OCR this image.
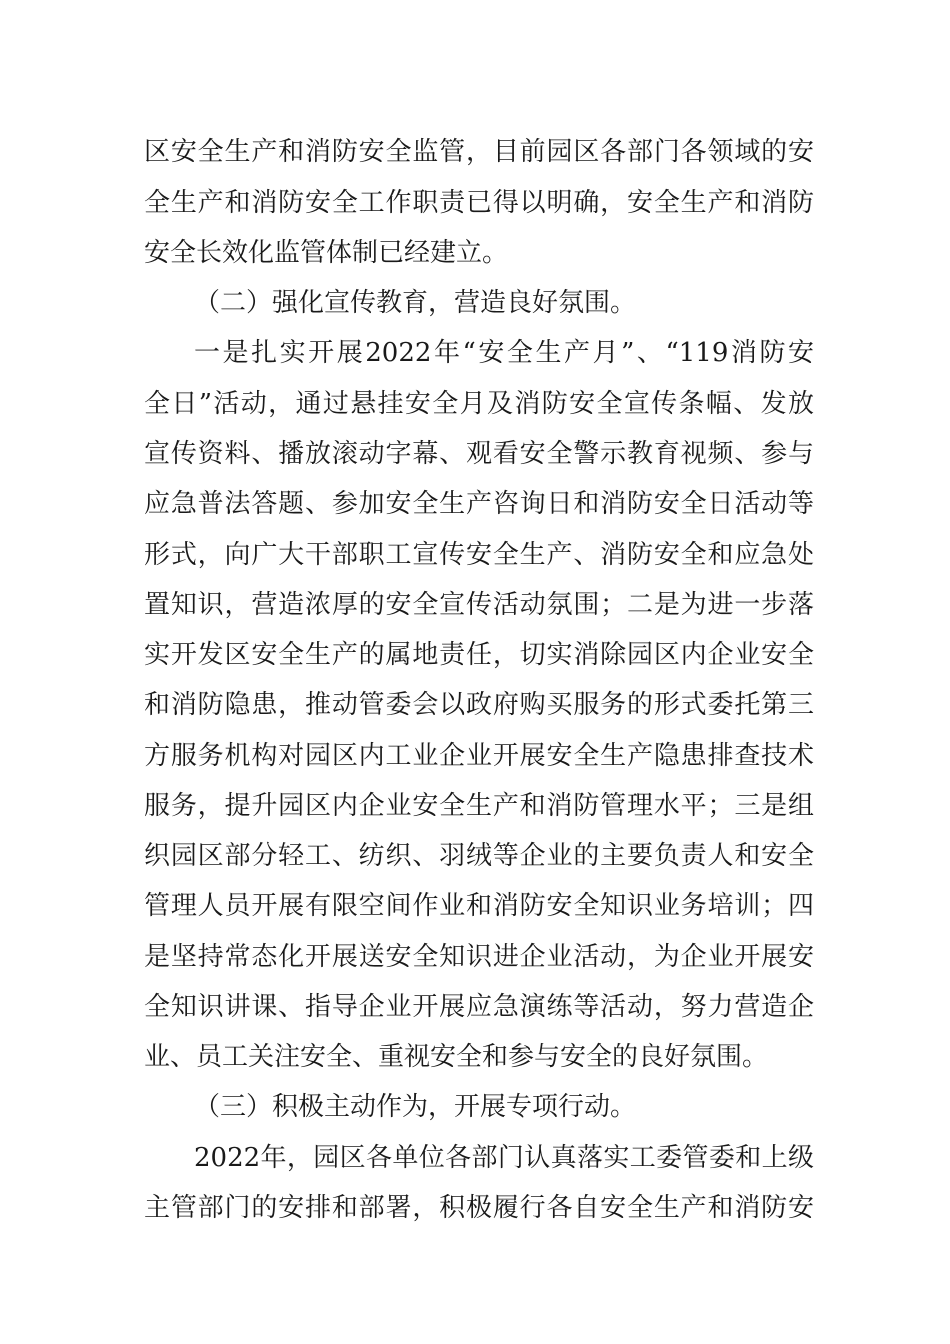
区安全生产和消防安全监管，目前园区各部门各领域的安
全生产和消防安全工作职责已得以明确，安全生产和消防
安全长效化监管体制已经建立。
（二）强化宣传教育，营造良好氛围。
一是扎实开展2022年“安全生产月”、“119消防安
全日”活动，通过悬挂安全月及消防安全宣传条幅、发放
宣传资料、播放滚动字幕、观看安全警示教育视频、参与
应急普法答题、参加安全生产咨询日和消防安全日活动等
形式，向广大干部职工宣传安全生产、消防安全和应急处
置知识，营造浓厚的安全宣传活动氛围；二是为进一步落
实开发区安全生产的属地责任，切实消除园区内企业安全
和消防隐患，推动管委会以政府购买服务的形式委托第三
方服务机构对园区内工业企业开展安全生产隐患排查技术
服务，提升园区内企业安全生产和消防管理水平；三是组
织园区部分轻工、纺织、羽绒等企业的主要负责人和安全
管理人员开展有限空间作业和消防安全知识业务培训；四
是坚持常态化开展送安全知识进企业活动，为企业开展安
全知识讲课、指导企业开展应急演练等活动，努力营造企
业、员工关注安全、重视安全和参与安全的良好氛围。
（三）积极主动作为，开展专项行动。
2022年，园区各单位各部门认真落实工委管委和上级
主管部门的安排和部署，积极履行各自安全生产和消防安
